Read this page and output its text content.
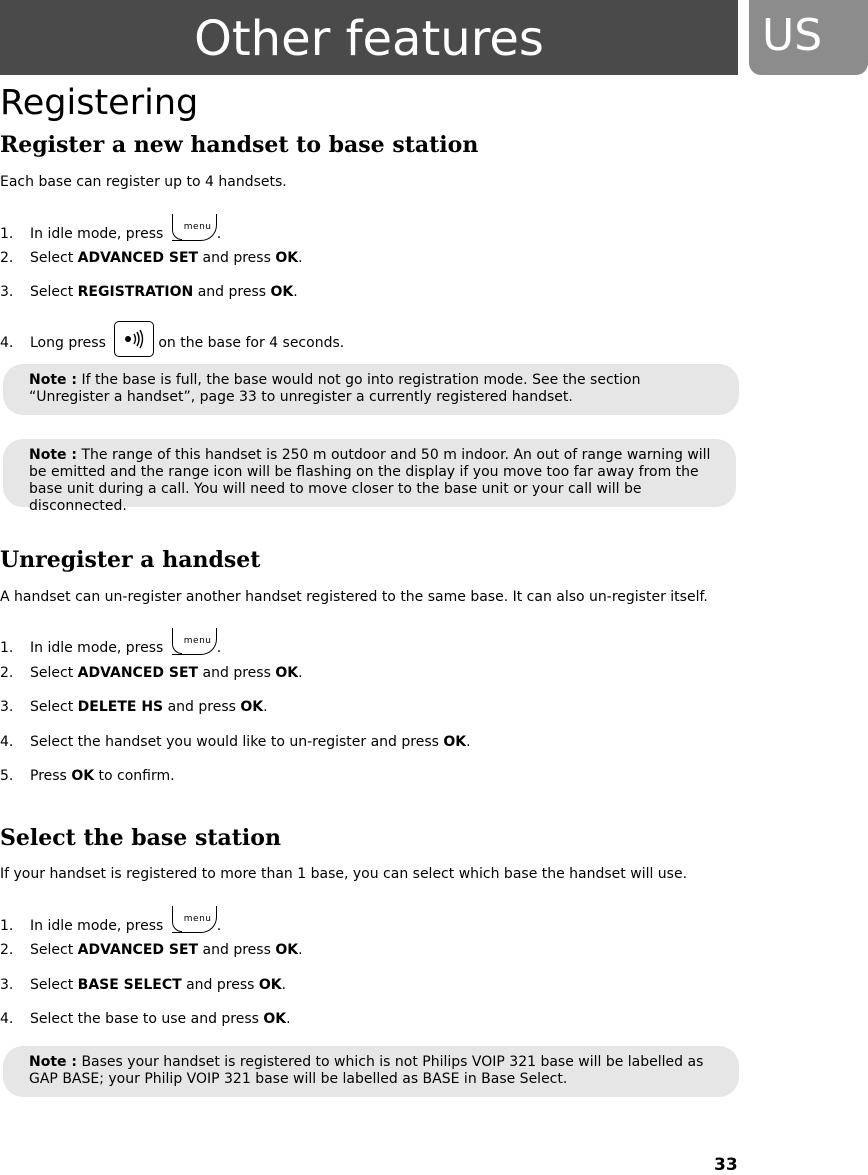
Other features	US
Registering
Register a new handset to base station
Each base can register up to 4 handsets.
1. In idle mode, press menu .
2. Select ADVANCED SET and press OK.
3. Select REGISTRATION and press OK.
4. Long press	on the base for 4 seconds.
Note : If the base is full, the base would not go into registration mode. See the section “Unregister a handset”, page 33 to unregister a currently registered handset.
Note : The range of this handset is 250 m outdoor and 50 m indoor. An out of range warning will be emitted and the range icon will be flashing on the display if you move too far away from the base unit during a call. You will need to move closer to the base unit or your call will be disconnected.
Unregister a handset
A handset can un-register another handset registered to the same base. It can also un-register itself.
1. In idle mode, press menu .
2. Select ADVANCED SET and press OK.
3. Select DELETE HS and press OK.
4. Select the handset you would like to un-register and press OK.
5. Press OK to confirm.
Select the base station
If your handset is registered to more than 1 base, you can select which base the handset will use.
1. In idle mode, press menu .
2. Select ADVANCED SET and press OK.
3. Select BASE SELECT and press OK.
4. Select the base to use and press OK.
Note : Bases your handset is registered to which is not Philips VOIP 321 base will be labelled as GAP BASE; your Philip VOIP 321 base will be labelled as BASE in Base Select.
33
